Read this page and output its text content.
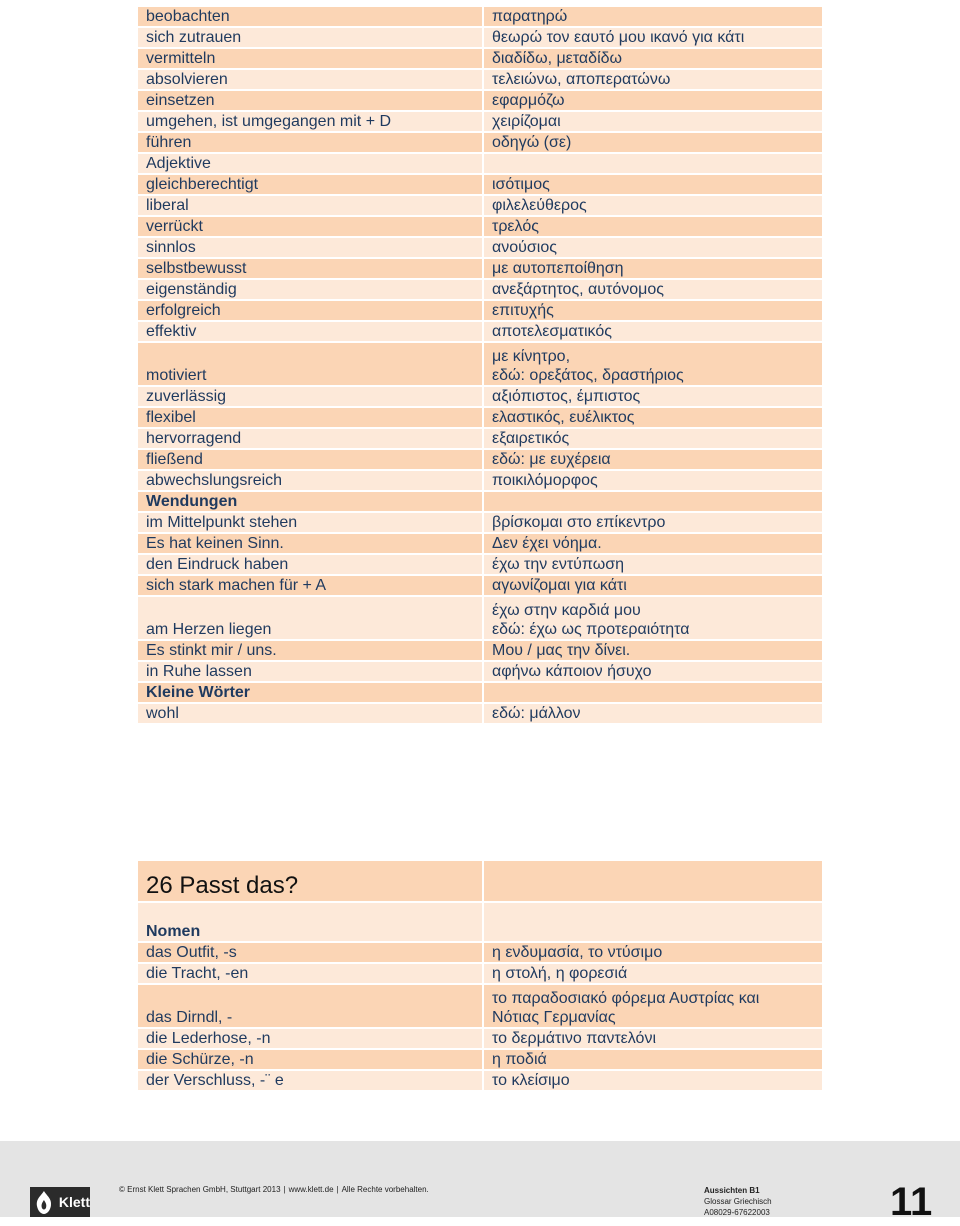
beobachten	παρατηρώ
sich zutrauen	θεωρώ τον εαυτό μου ικανό για κάτι
vermitteln	διαδίδω, μεταδίδω
absolvieren	τελειώνω, αποπερατώνω
einsetzen	εφαρμόζω
umgehen, ist umgegangen mit + D	χειρίζομαι
führen	οδηγώ (σε)
Adjektive	
gleichberechtigt	ισότιμος
liberal	φιλελεύθερος
verrückt	τρελός
sinnlos	ανούσιος
selbstbewusst	με αυτοπεποίθηση
eigenständig	ανεξάρτητος, αυτόνομος
erfolgreich	επιτυχής
effektiv	αποτελεσματικός
motiviert	με κίνητρο,
εδώ: ορεξάτος, δραστήριος
zuverlässig	αξιόπιστος, έμπιστος
flexibel	ελαστικός, ευέλικτος
hervorragend	εξαιρετικός
fließend	εδώ: με ευχέρεια
abwechslungsreich	ποικιλόμορφος
Wendungen	
im Mittelpunkt stehen	βρίσκομαι στο επίκεντρο
Es hat keinen Sinn.	Δεν έχει νόημα.
den Eindruck haben	έχω την εντύπωση
sich stark machen für + A	αγωνίζομαι για κάτι
am Herzen liegen	έχω στην καρδιά μου
εδώ: έχω ως προτεραιότητα
Es stinkt mir / uns.	Μου / μας την δίνει.
in Ruhe lassen	αφήνω κάποιον ήσυχο
Kleine Wörter	
wohl	εδώ: μάλλον
26 Passt das?	
Nomen	
das Outfit, -s	η ενδυμασία, το ντύσιμο
die Tracht, -en	η στολή, η φορεσιά
das Dirndl, -	το παραδοσιακό φόρεμα Αυστρίας και
Νότιας Γερμανίας
die Lederhose, -n	το δερμάτινο παντελόνι
die Schürze, -n	η ποδιά
der Verschluss, -¨ e	το κλείσιμο
Klett
© Ernst Klett Sprachen GmbH, Stuttgart 2013 | www.klett.de | Alle Rechte vorbehalten.	Aussichten B1
Glossar Griechisch
A08029-67622003	11
